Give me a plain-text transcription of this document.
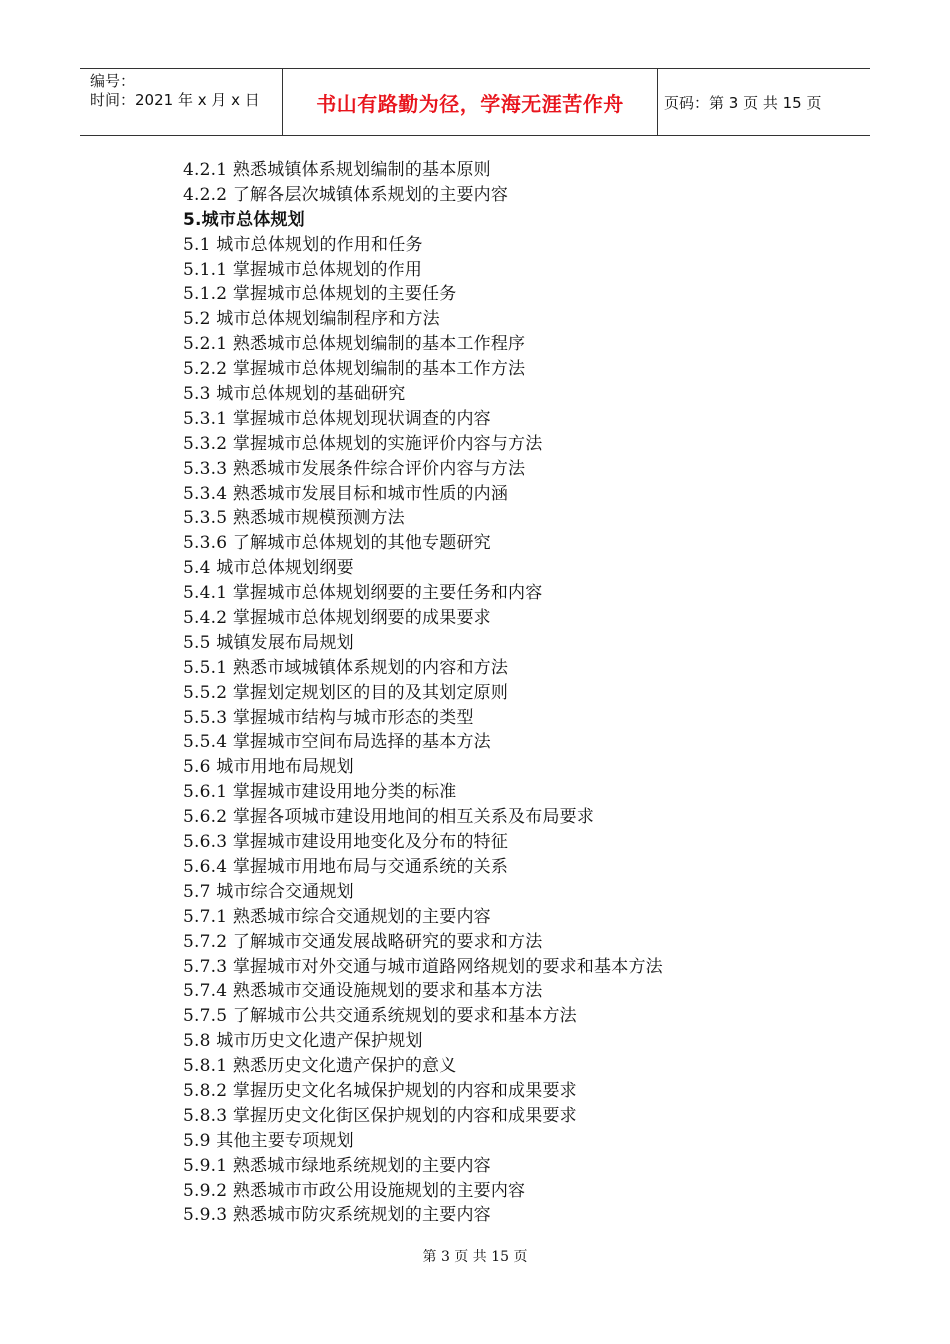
编号：
时间：2021 年 x 月 x 日	书山有路勤为径，学海无涯苦作舟	页码：第 3 页 共 15 页
4.2.1 熟悉城镇体系规划编制的基本原则
4.2.2 了解各层次城镇体系规划的主要内容
5.城市总体规划
5.1 城市总体规划的作用和任务
5.1.1 掌握城市总体规划的作用
5.1.2 掌握城市总体规划的主要任务
5.2 城市总体规划编制程序和方法
5.2.1 熟悉城市总体规划编制的基本工作程序
5.2.2 掌握城市总体规划编制的基本工作方法
5.3 城市总体规划的基础研究
5.3.1 掌握城市总体规划现状调查的内容
5.3.2 掌握城市总体规划的实施评价内容与方法
5.3.3 熟悉城市发展条件综合评价内容与方法
5.3.4 熟悉城市发展目标和城市性质的内涵
5.3.5 熟悉城市规模预测方法
5.3.6 了解城市总体规划的其他专题研究
5.4 城市总体规划纲要
5.4.1 掌握城市总体规划纲要的主要任务和内容
5.4.2 掌握城市总体规划纲要的成果要求
5.5 城镇发展布局规划
5.5.1 熟悉市域城镇体系规划的内容和方法
5.5.2 掌握划定规划区的目的及其划定原则
5.5.3 掌握城市结构与城市形态的类型
5.5.4 掌握城市空间布局选择的基本方法
5.6 城市用地布局规划
5.6.1 掌握城市建设用地分类的标准
5.6.2 掌握各项城市建设用地间的相互关系及布局要求
5.6.3 掌握城市建设用地变化及分布的特征
5.6.4 掌握城市用地布局与交通系统的关系
5.7 城市综合交通规划
5.7.1 熟悉城市综合交通规划的主要内容
5.7.2 了解城市交通发展战略研究的要求和方法
5.7.3 掌握城市对外交通与城市道路网络规划的要求和基本方法
5.7.4 熟悉城市交通设施规划的要求和基本方法
5.7.5 了解城市公共交通系统规划的要求和基本方法
5.8 城市历史文化遗产保护规划
5.8.1 熟悉历史文化遗产保护的意义
5.8.2 掌握历史文化名城保护规划的内容和成果要求
5.8.3 掌握历史文化街区保护规划的内容和成果要求
5.9 其他主要专项规划
5.9.1 熟悉城市绿地系统规划的主要内容
5.9.2 熟悉城市市政公用设施规划的主要内容
5.9.3 熟悉城市防灾系统规划的主要内容
第 3 页 共 15 页
